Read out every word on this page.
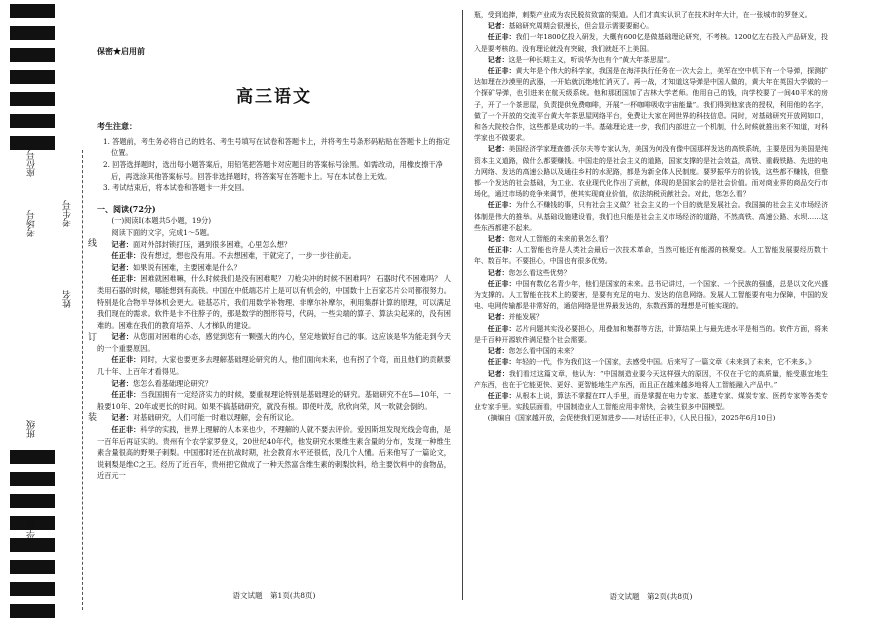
座位号
考场号	考生号
姓名
班级
学校
线
订
装
保密★启用前
高三语文
考生注意：
1. 答题前，考生务必将自己的姓名、考生号填写在试卷和答题卡上，并将考生号条形码粘贴在答题卡上的指定位置。
2. 回答选择题时，选出每小题答案后，用铅笔把答题卡对应题目的答案标号涂黑。如需改动，用橡皮擦干净后，再选涂其他答案标号。回答非选择题时，将答案写在答题卡上。写在本试卷上无效。
3. 考试结束后，将本试卷和答题卡一并交回。
一、阅读(72分)
(一)阅读Ⅰ(本题共5小题，19分)
阅读下面的文字，完成1～5题。

记者：面对外部封锁打压，遇到很多困难，心里怎么想？

任正非：没有想过，想也没有用。不去想困难，干就完了，一步一步往前走。

记者：如果说有困难，主要困难是什么？

任正非：困难就困难嘛，什么时候我们是没有困难呢？ 刀枪尖冲的时候不困难吗？ 石器时代不困难吗？ 人类用石器的时候，哪能想到有高铁。中国在中低端芯片上是可以有机会的，中国数十上百家芯片公司都很努力。特别是化合物半导体机会更大。硅基芯片，我们用数学补物理、非摩尔补摩尔，利用集群计算的原理，可以满足我们现在的需求。软件是卡不住脖子的，那是数学的图形符号，代码，一些尖端的算子、算法尖起来的，没有困难的。困难在我们的教育培养、人才梯队的建设。

记者：从您面对困难的心态，感觉到您有一颗强大的内心，坚定地做好自己的事。这应该是华为能走到今天的一个重要原因。

任正非：同时，大家也要更多去理解基础理论研究的人，他们面向未来，也有拐了个弯，而且他们的贡献要几十年、上百年才看得见。

记者：您怎么看基础理论研究？

任正非：当我国拥有一定经济实力的时候，要重视理论特别是基础理论的研究。基础研究不在5—10年，一般要10年、20年或更长的时间。如果不搞基础研究，就没有根。即使叶茂，欣欣向荣，风一吹就会倒的。

记者：对基础研究，人们可能一时难以理解，会有所议论。

任正非：科学的实践，世界上理解的人本来也少，不理解的人就不要去评价。爱因斯坦发现光线会弯曲，是一百年后再证实的。贵州有个农学家罗登义，20世纪40年代，他发研究水果维生素含量的分布，发现一种维生素含量很高的野果子刺梨。中国那时还在抗战时期，社会教育水平还很低，没几个人懂。后来他写了一篇论文，说刺梨是维C之王。经历了近百年，贵州把它做成了一种天然富含维生素的刺梨饮料，给主要饮料中的食物品，近百元一

语文试题　第1页(共8页)

瓶，受到追捧，刺梨产业成为农民脱贫致富的渠道。人们才真实认识了在技术时年大计，在一张城市的罗登义。

记者：基础研究周期会很漫长，但会显示需要要耐心。

任正非：我们一年1800亿投入研发，大概有600亿是做基础理论研究，不考核。1200亿左右投入产品研发，投入是要考核的。没有理论就没有突破，我们就赶不上美国。

记者：这是一种长期主义，听说华为也有个“黄大年茶思屋”。

任正非：黄大年是个伟大的科学家，我国是在海洋执行任务在一次大会上，美军在空中机下有一个导弹，探测扩达如理在沙漠里的武器，一开始就沉绝地忙消灭了。再一战，才知道这导弹是中国人做的，黄大年在英国大学做的一个探矿导弹，也引进来在航天级系统。他和那团国加了吉林大学老师。他用自己的钱，向学校要了一间40平米的房子，开了一个茶思屋，负责提供免费咖啡，开展“一杯咖啡吸收宇宙能量”。我们得到他家丧的授权，利用他的名字，做了一个开放的交流平台黄大年茶思屋网络平台，免费让大家在网世界的科技信息。同时，对基础研究开放网如口，和各大院校合作，这些都是成功的一半。基础理论进一步，我们内部进立一个机制，什么时候就推出来不知道，对科学家也不做要求。

记者：美国经济学家理查德·沃尔夫等专家认为，美国为何没有像中国那样发达的高铁系统，主要是因为美国是纯资本主义道路，做什么都要赚钱。中国走的是社会主义的道路，国家支撑的是社会效益，高铁、重载铁路、先进的电力网络、发达的高速公路以及通往乡村的水泥路，都是为新全体人民制度。要罗振华方的价钱，这些都不赚钱，但整都一个发达的社会基础，为工业、农业现代化作出了贡献，体现的是国家会的是社会价值。而对商业界的商品交行市场化，通过市场的竞争来调节，使其实现商业价值，依法纳税贡献社会。对此，您怎么看？

任正非：为什么不赚钱的事，只有社会主义做？社会主义的一个目的就是发展社会。我国搞的社会主义市场经济体制是伟大的推举。从基础设施建设看，我们也只能是社会主义市场经济的道路，不然高铁、高速公路、水坝……这些东西都建不起来。

记者：您对人工智能的未来前景怎么看？

任正非：人工智能也许是人类社会最后一次技术革命，当然可能还有能源的核聚变。人工智能发展要经历数十年、数百年。不要担心，中国也有很多优势。

记者：您怎么看这些优势？

任正非：中国有数亿名青少年，他们是国家的未来。总书记讲过，一个国家、一个民族的强盛，总是以文化兴盛为支撑的。人工智能在技术上的要害，是要有充足的电力、发达的信息网络。发展人工智能要有电力保障，中国的发电、电网传输都是非常好的，通信网络是世界最发达的，东数西算的理想是可能实现的。

记者：并能发展？

任正非：芯片问题其实没必要担心，用叠加和集群等方法，计算结果上与最先进水平是相当的。软件方面，将来是千百种开源软件满足整个社会需要。

记者：您怎么看中国的未来？

任正非：年轻的一代，作为我们这一个国家，去感受中国。后来写了一篇文章《未来到了未来，它不来多。》

记者：我们看过这篇文章，他认为：“中国制造业要今天这样强大的原因，不仅在于它的高质量，能受惠宜地生产东西，也在于它能更快、更好、更智能地生产东西，而且正在越来越多地将人工智能融入产品中。”

任正非：从根本上说，算法不掌握在IT人手里，而是掌握在电力专家、基建专家、煤炭专家、医药专家等各类专业专家手里。实践层面看，中国制造业人工智能应用非常快，会被生很多中国模型。

(摘编自《国家越开放，会促使我们更加进步——对话任正非》，《人民日报》，2025年6月10日)

语文试题　第2页(共8页)
